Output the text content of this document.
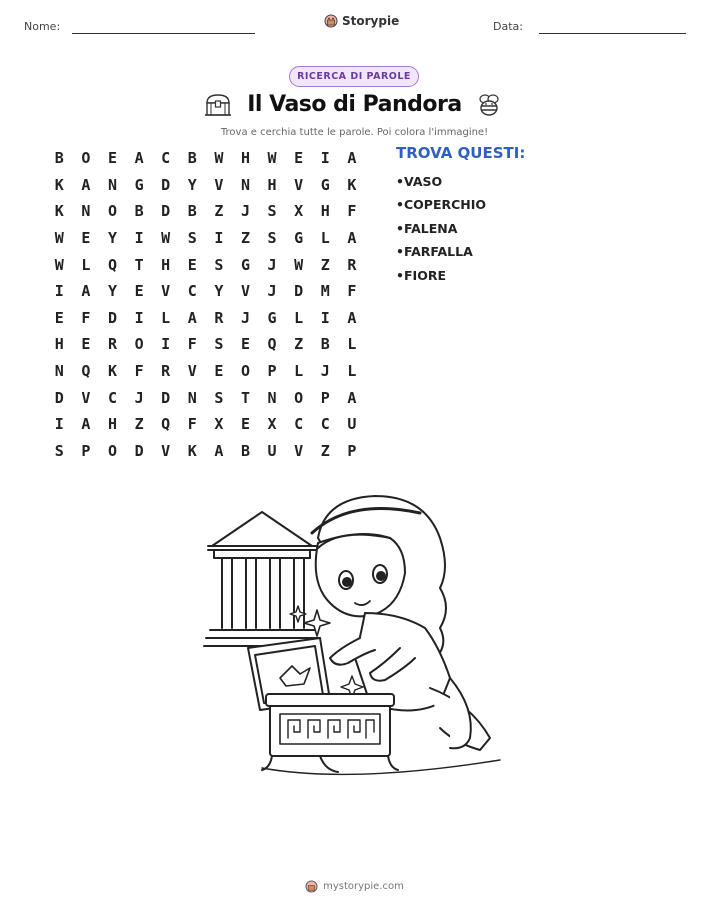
Nome:	Storypie	Data:
RICERCA DI PAROLE
Il Vaso di Pandora
Trova e cerchia tutte le parole. Poi colora l'immagine!
B	O	E	A	C	B	W	H	W	E	I	A
K	A	N	G	D	Y	V	N	H	V	G	K
K	N	O	B	D	B	Z	J	S	X	H	F
W	E	Y	I	W	S	I	Z	S	G	L	A
W	L	Q	T	H	E	S	G	J	W	Z	R
I	A	Y	E	V	C	Y	V	J	D	M	F
E	F	D	I	L	A	R	J	G	L	I	A
H	E	R	O	I	F	S	E	Q	Z	B	L
N	Q	K	F	R	V	E	O	P	L	J	L
D	V	C	J	D	N	S	T	N	O	P	A
I	A	H	Z	Q	F	X	E	X	C	C	U
S	P	O	D	V	K	A	B	U	V	Z	P
TROVA QUESTI:
• VASO
• COPERCHIO
• FALENA
• FARFALLA
• FIORE
mystorypie.com
